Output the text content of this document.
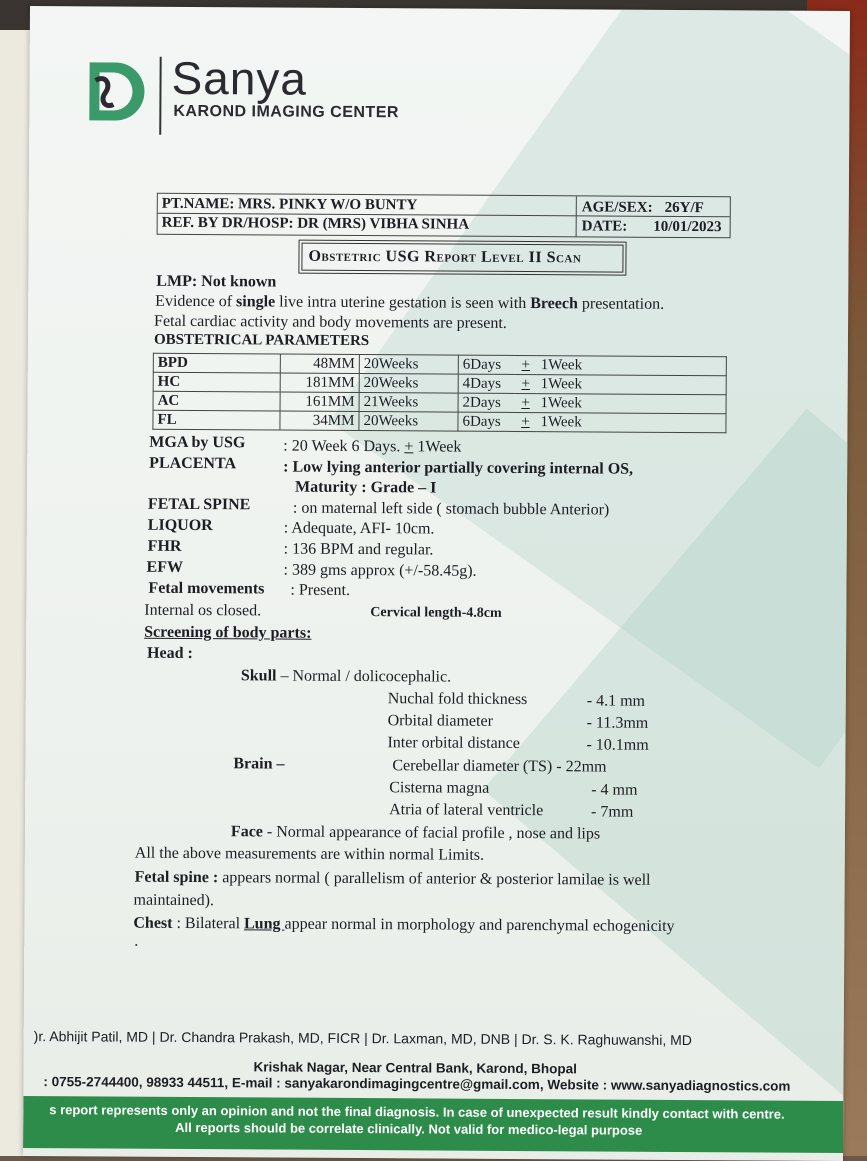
Sanya
KAROND IMAGING CENTER
PT.NAME: MRS. PINKY W/O BUNTY
REF. BY DR/HOSP: DR (MRS) VIBHA SINHA
AGE/SEX: 26Y/F
DATE: 10/01/2023
Obstetric USG Report Level II Scan
LMP: Not known
Evidence of single live intra uterine gestation is seen with Breech presentation.
Fetal cardiac activity and body movements are present.
OBSTETRICAL PARAMETERS
BPD	48MM	20Weeks	6Days	+	1Week
HC	181MM	20Weeks	4Days	+	1Week
AC	161MM	21Weeks	2Days	+	1Week
FL	34MM	20Weeks	6Days	+	1Week
MGA by USG : 20 Week 6 Days. + 1Week
PLACENTA	: Low lying anterior partially covering internal OS,
Maturity : Grade – I
FETAL SPINE	: on maternal left side ( stomach bubble Anterior)
LIQUOR	: Adequate, AFI- 10cm.
FHR	: 136 BPM and regular.
EFW	: 389 gms approx (+/-58.45g).
Fetal movements : Present.
Internal os closed.	Cervical length-4.8cm
Screening of body parts:
Head :
Skull – Normal / dolicocephalic.
Nuchal fold thickness	- 4.1 mm
Orbital diameter	- 11.3mm
Inter orbital distance	- 10.1mm
Brain –	Cerebellar diameter (TS) - 22mm
Cisterna magna	- 4 mm
Atria of lateral ventricle	- 7mm
Face - Normal appearance of facial profile , nose and lips
All the above measurements are within normal Limits.
Fetal spine : appears normal ( parallelism of anterior & posterior lamilae is well
maintained).
Chest : Bilateral Lung appear normal in morphology and parenchymal echogenicity
.
)r. Abhijit Patil, MD | Dr. Chandra Prakash, MD, FICR | Dr. Laxman, MD, DNB | Dr. S. K. Raghuwanshi, MD
Krishak Nagar, Near Central Bank, Karond, Bhopal
: 0755-2744400, 98933 44511, E-mail : sanyakarondimagingcentre@gmail.com, Website : www.sanyadiagnostics.com
s report represents only an opinion and not the final diagnosis. In case of unexpected result kindly contact with centre.
All reports should be correlate clinically. Not valid for medico-legal purpose
